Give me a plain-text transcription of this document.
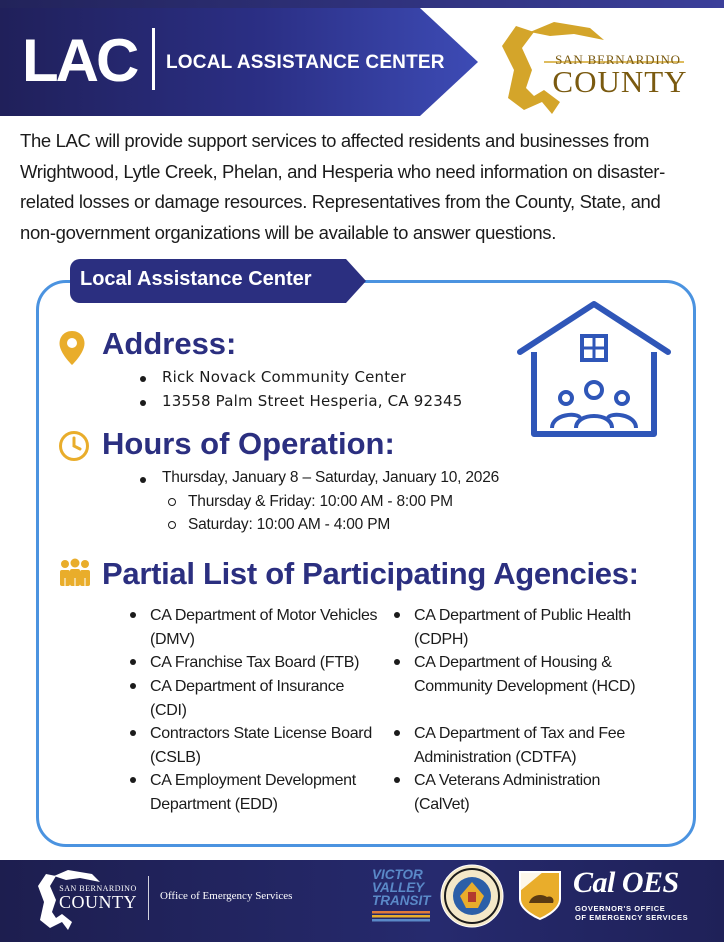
LAC LOCAL ASSISTANCE CENTER	SAN BERNARDINO
COUNTY

The LAC will provide support services to affected residents and businesses from Wrightwood, Lytle Creek, Phelan, and Hesperia who need information on disaster-related losses or damage resources. Representatives from the County, State, and non-government organizations will be available to answer questions.

Local Assistance Center
Address:
Rick Novack Community Center
13558 Palm Street Hesperia, CA 92345
Hours of Operation:
Thursday, January 8 – Saturday, January 10, 2026
Thursday & Friday: 10:00 AM - 8:00 PM
Saturday: 10:00 AM - 4:00 PM
Partial List of Participating Agencies:
CA Department of Motor Vehicles (DMV)
CA Franchise Tax Board (FTB)
CA Department of Insurance (CDI)
Contractors State License Board (CSLB)
CA Employment Development Department (EDD)
CA Department of Public Health (CDPH)
CA Department of Housing & Community Development (HCD)
CA Department of Tax and Fee Administration (CDTFA)
CA Veterans Administration (CalVet)
SAN BERNARDINO
COUNTY	Office of Emergency Services
VICTOR
VALLEY
TRANSIT
Cal OES
GOVERNOR'S OFFICE
OF EMERGENCY SERVICES
